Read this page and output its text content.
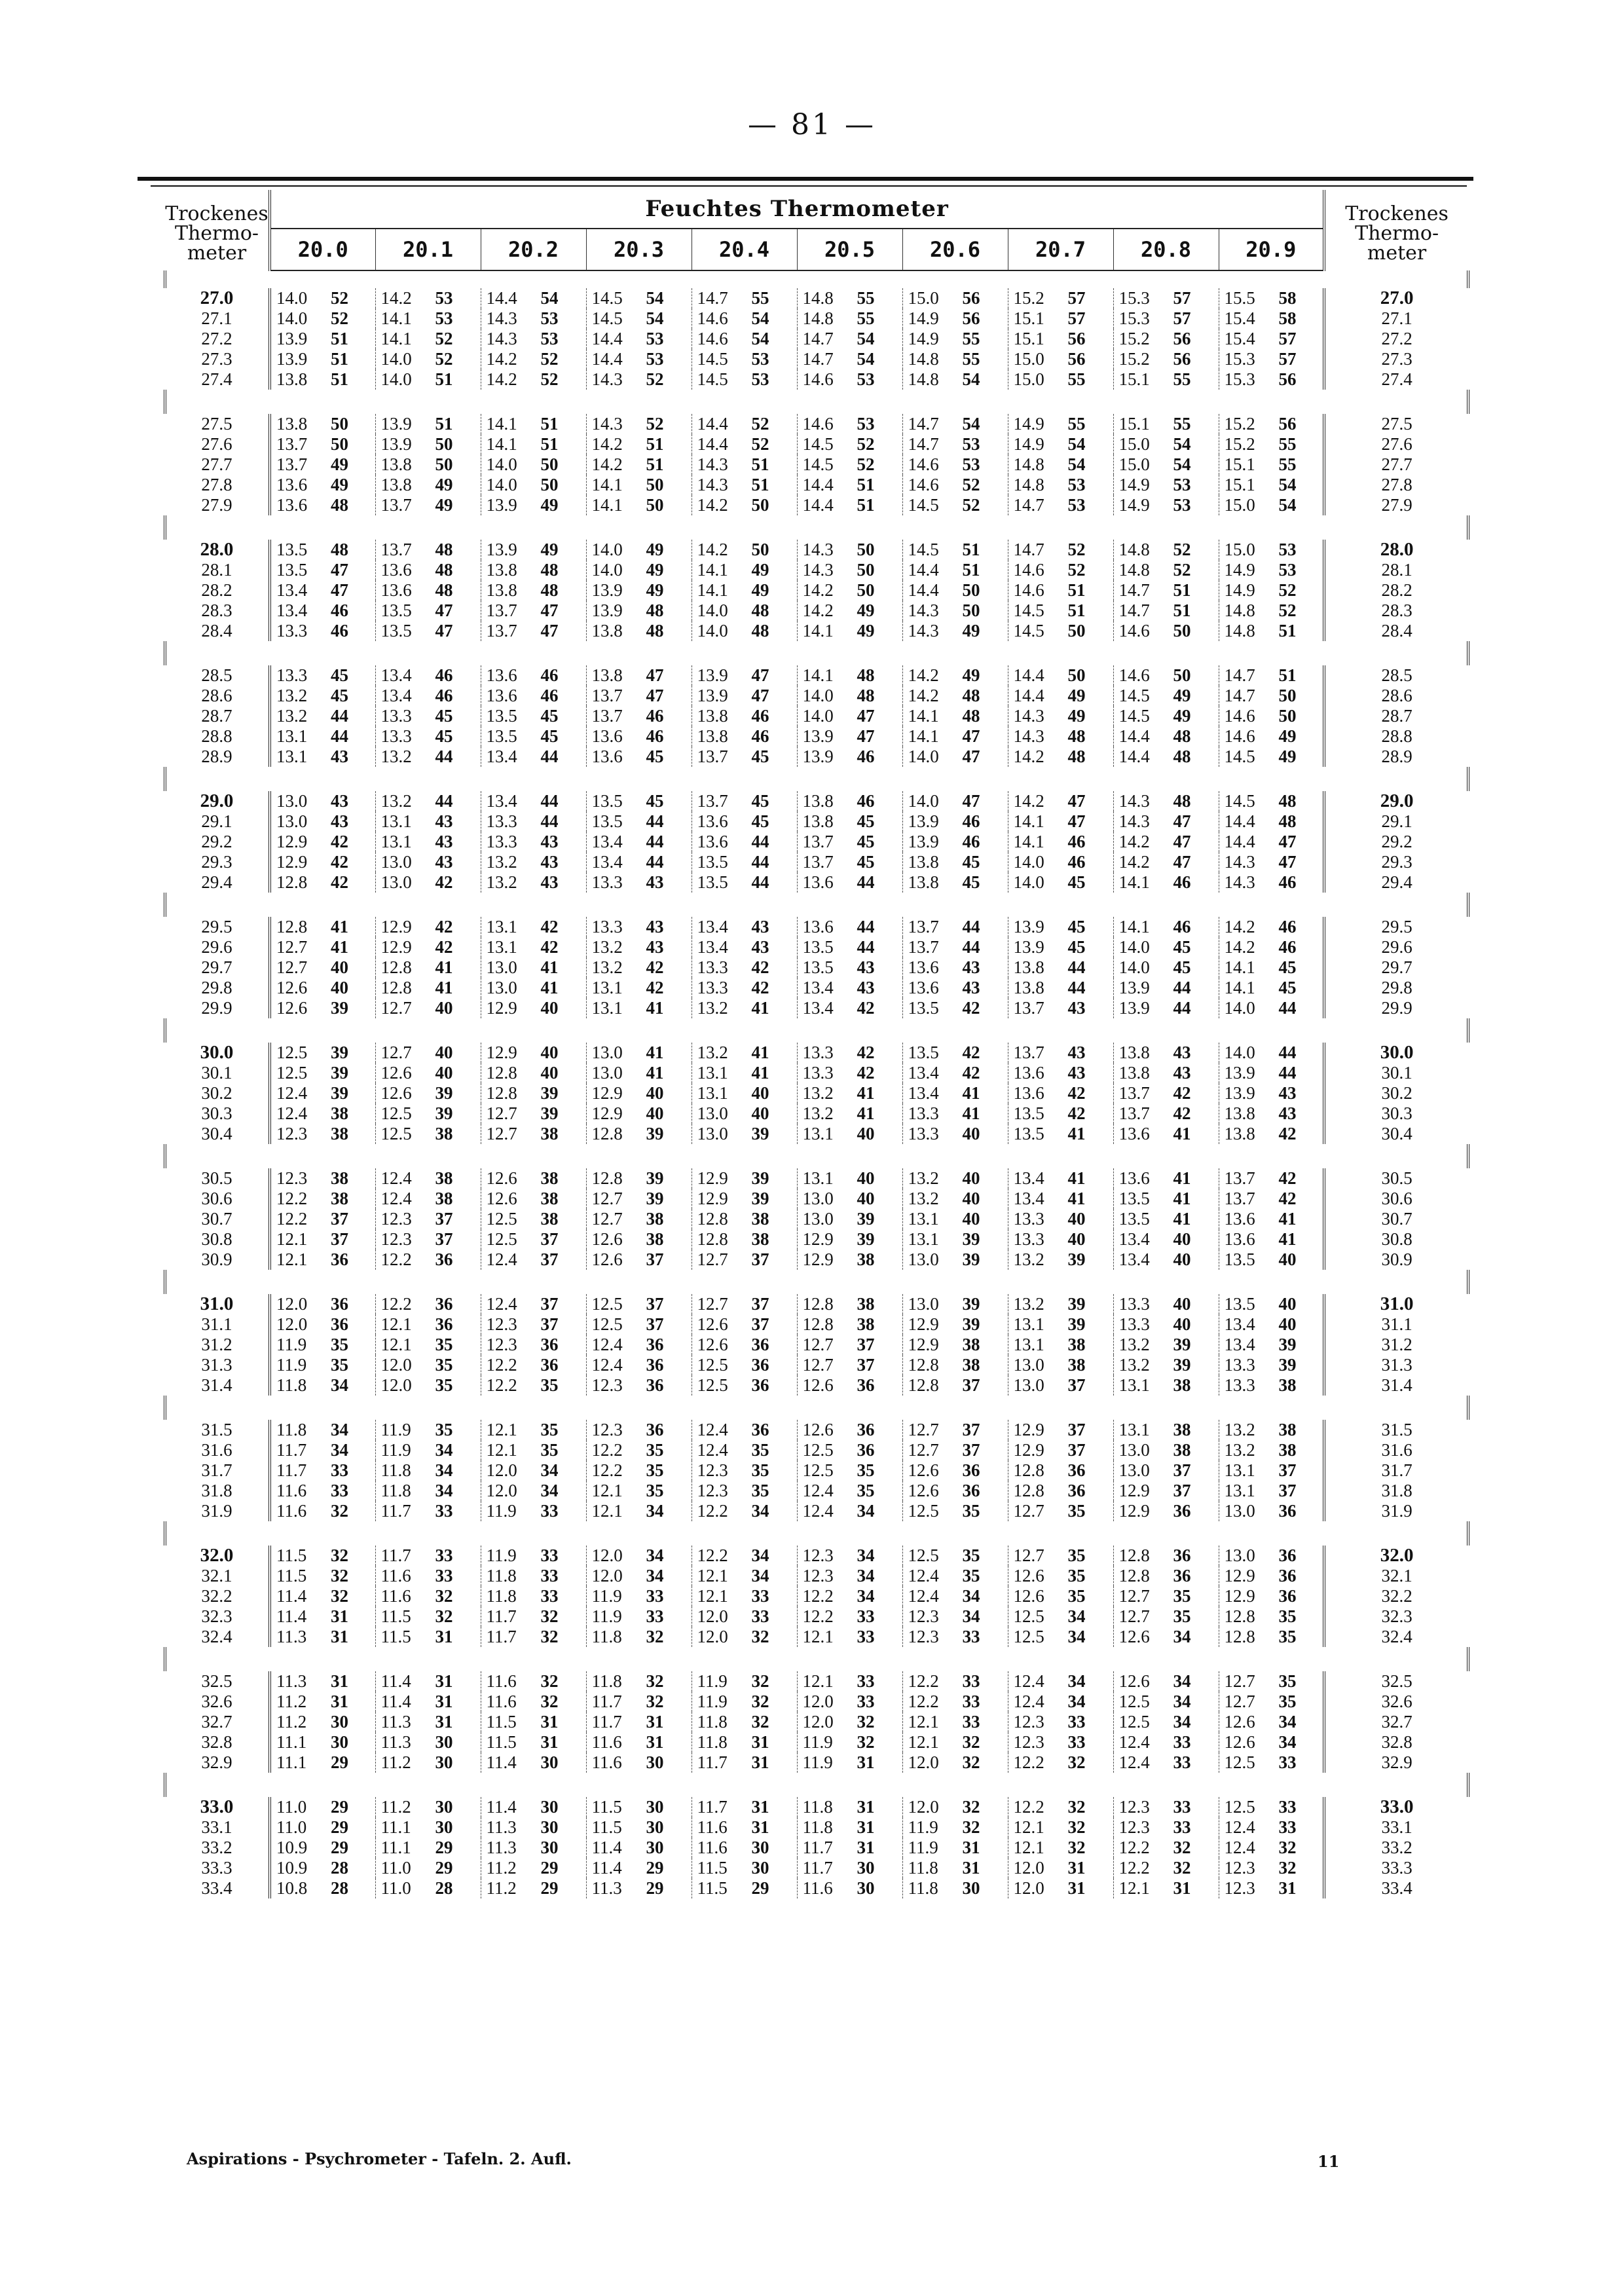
— 81 —
Trockenes Thermo- meter	Feuchtes Thermometer										Trockenes Thermo- meter
	20.0	20.1	20.2	20.3	20.4	20.5	20.6	20.7	20.8	20.9	

27.0	14.0 52	14.2 53	14.4 54	14.5 54	14.7 55	14.8 55	15.0 56	15.2 57	15.3 57	15.5 58	27.0
27.1	14.0 52	14.1 53	14.3 53	14.5 54	14.6 54	14.8 55	14.9 56	15.1 57	15.3 57	15.4 58	27.1
27.2	13.9 51	14.1 52	14.3 53	14.4 53	14.6 54	14.7 54	14.9 55	15.1 56	15.2 56	15.4 57	27.2
27.3	13.9 51	14.0 52	14.2 52	14.4 53	14.5 53	14.7 54	14.8 55	15.0 56	15.2 56	15.3 57	27.3
27.4	13.8 51	14.0 51	14.2 52	14.3 52	14.5 53	14.6 53	14.8 54	15.0 55	15.1 55	15.3 56	27.4

27.5	13.8 50	13.9 51	14.1 51	14.3 52	14.4 52	14.6 53	14.7 54	14.9 55	15.1 55	15.2 56	27.5
27.6	13.7 50	13.9 50	14.1 51	14.2 51	14.4 52	14.5 52	14.7 53	14.9 54	15.0 54	15.2 55	27.6
27.7	13.7 49	13.8 50	14.0 50	14.2 51	14.3 51	14.5 52	14.6 53	14.8 54	15.0 54	15.1 55	27.7
27.8	13.6 49	13.8 49	14.0 50	14.1 50	14.3 51	14.4 51	14.6 52	14.8 53	14.9 53	15.1 54	27.8
27.9	13.6 48	13.7 49	13.9 49	14.1 50	14.2 50	14.4 51	14.5 52	14.7 53	14.9 53	15.0 54	27.9

28.0	13.5 48	13.7 48	13.9 49	14.0 49	14.2 50	14.3 50	14.5 51	14.7 52	14.8 52	15.0 53	28.0
28.1	13.5 47	13.6 48	13.8 48	14.0 49	14.1 49	14.3 50	14.4 51	14.6 52	14.8 52	14.9 53	28.1
28.2	13.4 47	13.6 48	13.8 48	13.9 49	14.1 49	14.2 50	14.4 50	14.6 51	14.7 51	14.9 52	28.2
28.3	13.4 46	13.5 47	13.7 47	13.9 48	14.0 48	14.2 49	14.3 50	14.5 51	14.7 51	14.8 52	28.3
28.4	13.3 46	13.5 47	13.7 47	13.8 48	14.0 48	14.1 49	14.3 49	14.5 50	14.6 50	14.8 51	28.4

28.5	13.3 45	13.4 46	13.6 46	13.8 47	13.9 47	14.1 48	14.2 49	14.4 50	14.6 50	14.7 51	28.5
28.6	13.2 45	13.4 46	13.6 46	13.7 47	13.9 47	14.0 48	14.2 48	14.4 49	14.5 49	14.7 50	28.6
28.7	13.2 44	13.3 45	13.5 45	13.7 46	13.8 46	14.0 47	14.1 48	14.3 49	14.5 49	14.6 50	28.7
28.8	13.1 44	13.3 45	13.5 45	13.6 46	13.8 46	13.9 47	14.1 47	14.3 48	14.4 48	14.6 49	28.8
28.9	13.1 43	13.2 44	13.4 44	13.6 45	13.7 45	13.9 46	14.0 47	14.2 48	14.4 48	14.5 49	28.9

29.0	13.0 43	13.2 44	13.4 44	13.5 45	13.7 45	13.8 46	14.0 47	14.2 47	14.3 48	14.5 48	29.0
29.1	13.0 43	13.1 43	13.3 44	13.5 44	13.6 45	13.8 45	13.9 46	14.1 47	14.3 47	14.4 48	29.1
29.2	12.9 42	13.1 43	13.3 43	13.4 44	13.6 44	13.7 45	13.9 46	14.1 46	14.2 47	14.4 47	29.2
29.3	12.9 42	13.0 43	13.2 43	13.4 44	13.5 44	13.7 45	13.8 45	14.0 46	14.2 47	14.3 47	29.3
29.4	12.8 42	13.0 42	13.2 43	13.3 43	13.5 44	13.6 44	13.8 45	14.0 45	14.1 46	14.3 46	29.4

29.5	12.8 41	12.9 42	13.1 42	13.3 43	13.4 43	13.6 44	13.7 44	13.9 45	14.1 46	14.2 46	29.5
29.6	12.7 41	12.9 42	13.1 42	13.2 43	13.4 43	13.5 44	13.7 44	13.9 45	14.0 45	14.2 46	29.6
29.7	12.7 40	12.8 41	13.0 41	13.2 42	13.3 42	13.5 43	13.6 43	13.8 44	14.0 45	14.1 45	29.7
29.8	12.6 40	12.8 41	13.0 41	13.1 42	13.3 42	13.4 43	13.6 43	13.8 44	13.9 44	14.1 45	29.8
29.9	12.6 39	12.7 40	12.9 40	13.1 41	13.2 41	13.4 42	13.5 42	13.7 43	13.9 44	14.0 44	29.9

30.0	12.5 39	12.7 40	12.9 40	13.0 41	13.2 41	13.3 42	13.5 42	13.7 43	13.8 43	14.0 44	30.0
30.1	12.5 39	12.6 40	12.8 40	13.0 41	13.1 41	13.3 42	13.4 42	13.6 43	13.8 43	13.9 44	30.1
30.2	12.4 39	12.6 39	12.8 39	12.9 40	13.1 40	13.2 41	13.4 41	13.6 42	13.7 42	13.9 43	30.2
30.3	12.4 38	12.5 39	12.7 39	12.9 40	13.0 40	13.2 41	13.3 41	13.5 42	13.7 42	13.8 43	30.3
30.4	12.3 38	12.5 38	12.7 38	12.8 39	13.0 39	13.1 40	13.3 40	13.5 41	13.6 41	13.8 42	30.4

30.5	12.3 38	12.4 38	12.6 38	12.8 39	12.9 39	13.1 40	13.2 40	13.4 41	13.6 41	13.7 42	30.5
30.6	12.2 38	12.4 38	12.6 38	12.7 39	12.9 39	13.0 40	13.2 40	13.4 41	13.5 41	13.7 42	30.6
30.7	12.2 37	12.3 37	12.5 38	12.7 38	12.8 38	13.0 39	13.1 40	13.3 40	13.5 41	13.6 41	30.7
30.8	12.1 37	12.3 37	12.5 37	12.6 38	12.8 38	12.9 39	13.1 39	13.3 40	13.4 40	13.6 41	30.8
30.9	12.1 36	12.2 36	12.4 37	12.6 37	12.7 37	12.9 38	13.0 39	13.2 39	13.4 40	13.5 40	30.9

31.0	12.0 36	12.2 36	12.4 37	12.5 37	12.7 37	12.8 38	13.0 39	13.2 39	13.3 40	13.5 40	31.0
31.1	12.0 36	12.1 36	12.3 37	12.5 37	12.6 37	12.8 38	12.9 39	13.1 39	13.3 40	13.4 40	31.1
31.2	11.9 35	12.1 35	12.3 36	12.4 36	12.6 36	12.7 37	12.9 38	13.1 38	13.2 39	13.4 39	31.2
31.3	11.9 35	12.0 35	12.2 36	12.4 36	12.5 36	12.7 37	12.8 38	13.0 38	13.2 39	13.3 39	31.3
31.4	11.8 34	12.0 35	12.2 35	12.3 36	12.5 36	12.6 36	12.8 37	13.0 37	13.1 38	13.3 38	31.4

31.5	11.8 34	11.9 35	12.1 35	12.3 36	12.4 36	12.6 36	12.7 37	12.9 37	13.1 38	13.2 38	31.5
31.6	11.7 34	11.9 34	12.1 35	12.2 35	12.4 35	12.5 36	12.7 37	12.9 37	13.0 38	13.2 38	31.6
31.7	11.7 33	11.8 34	12.0 34	12.2 35	12.3 35	12.5 35	12.6 36	12.8 36	13.0 37	13.1 37	31.7
31.8	11.6 33	11.8 34	12.0 34	12.1 35	12.3 35	12.4 35	12.6 36	12.8 36	12.9 37	13.1 37	31.8
31.9	11.6 32	11.7 33	11.9 33	12.1 34	12.2 34	12.4 34	12.5 35	12.7 35	12.9 36	13.0 36	31.9

32.0	11.5 32	11.7 33	11.9 33	12.0 34	12.2 34	12.3 34	12.5 35	12.7 35	12.8 36	13.0 36	32.0
32.1	11.5 32	11.6 33	11.8 33	12.0 34	12.1 34	12.3 34	12.4 35	12.6 35	12.8 36	12.9 36	32.1
32.2	11.4 32	11.6 32	11.8 33	11.9 33	12.1 33	12.2 34	12.4 34	12.6 35	12.7 35	12.9 36	32.2
32.3	11.4 31	11.5 32	11.7 32	11.9 33	12.0 33	12.2 33	12.3 34	12.5 34	12.7 35	12.8 35	32.3
32.4	11.3 31	11.5 31	11.7 32	11.8 32	12.0 32	12.1 33	12.3 33	12.5 34	12.6 34	12.8 35	32.4

32.5	11.3 31	11.4 31	11.6 32	11.8 32	11.9 32	12.1 33	12.2 33	12.4 34	12.6 34	12.7 35	32.5
32.6	11.2 31	11.4 31	11.6 32	11.7 32	11.9 32	12.0 33	12.2 33	12.4 34	12.5 34	12.7 35	32.6
32.7	11.2 30	11.3 31	11.5 31	11.7 31	11.8 32	12.0 32	12.1 33	12.3 33	12.5 34	12.6 34	32.7
32.8	11.1 30	11.3 30	11.5 31	11.6 31	11.8 31	11.9 32	12.1 32	12.3 33	12.4 33	12.6 34	32.8
32.9	11.1 29	11.2 30	11.4 30	11.6 30	11.7 31	11.9 31	12.0 32	12.2 32	12.4 33	12.5 33	32.9

33.0	11.0 29	11.2 30	11.4 30	11.5 30	11.7 31	11.8 31	12.0 32	12.2 32	12.3 33	12.5 33	33.0
33.1	11.0 29	11.1 30	11.3 30	11.5 30	11.6 31	11.8 31	11.9 32	12.1 32	12.3 33	12.4 33	33.1
33.2	10.9 29	11.1 29	11.3 30	11.4 30	11.6 30	11.7 31	11.9 31	12.1 32	12.2 32	12.4 32	33.2
33.3	10.9 28	11.0 29	11.2 29	11.4 29	11.5 30	11.7 30	11.8 31	12.0 31	12.2 32	12.3 32	33.3
33.4	10.8 28	11.0 28	11.2 29	11.3 29	11.5 29	11.6 30	11.8 30	12.0 31	12.1 31	12.3 31	33.4
Aspirations - Psychrometer - Tafeln. 2. Aufl.	11
